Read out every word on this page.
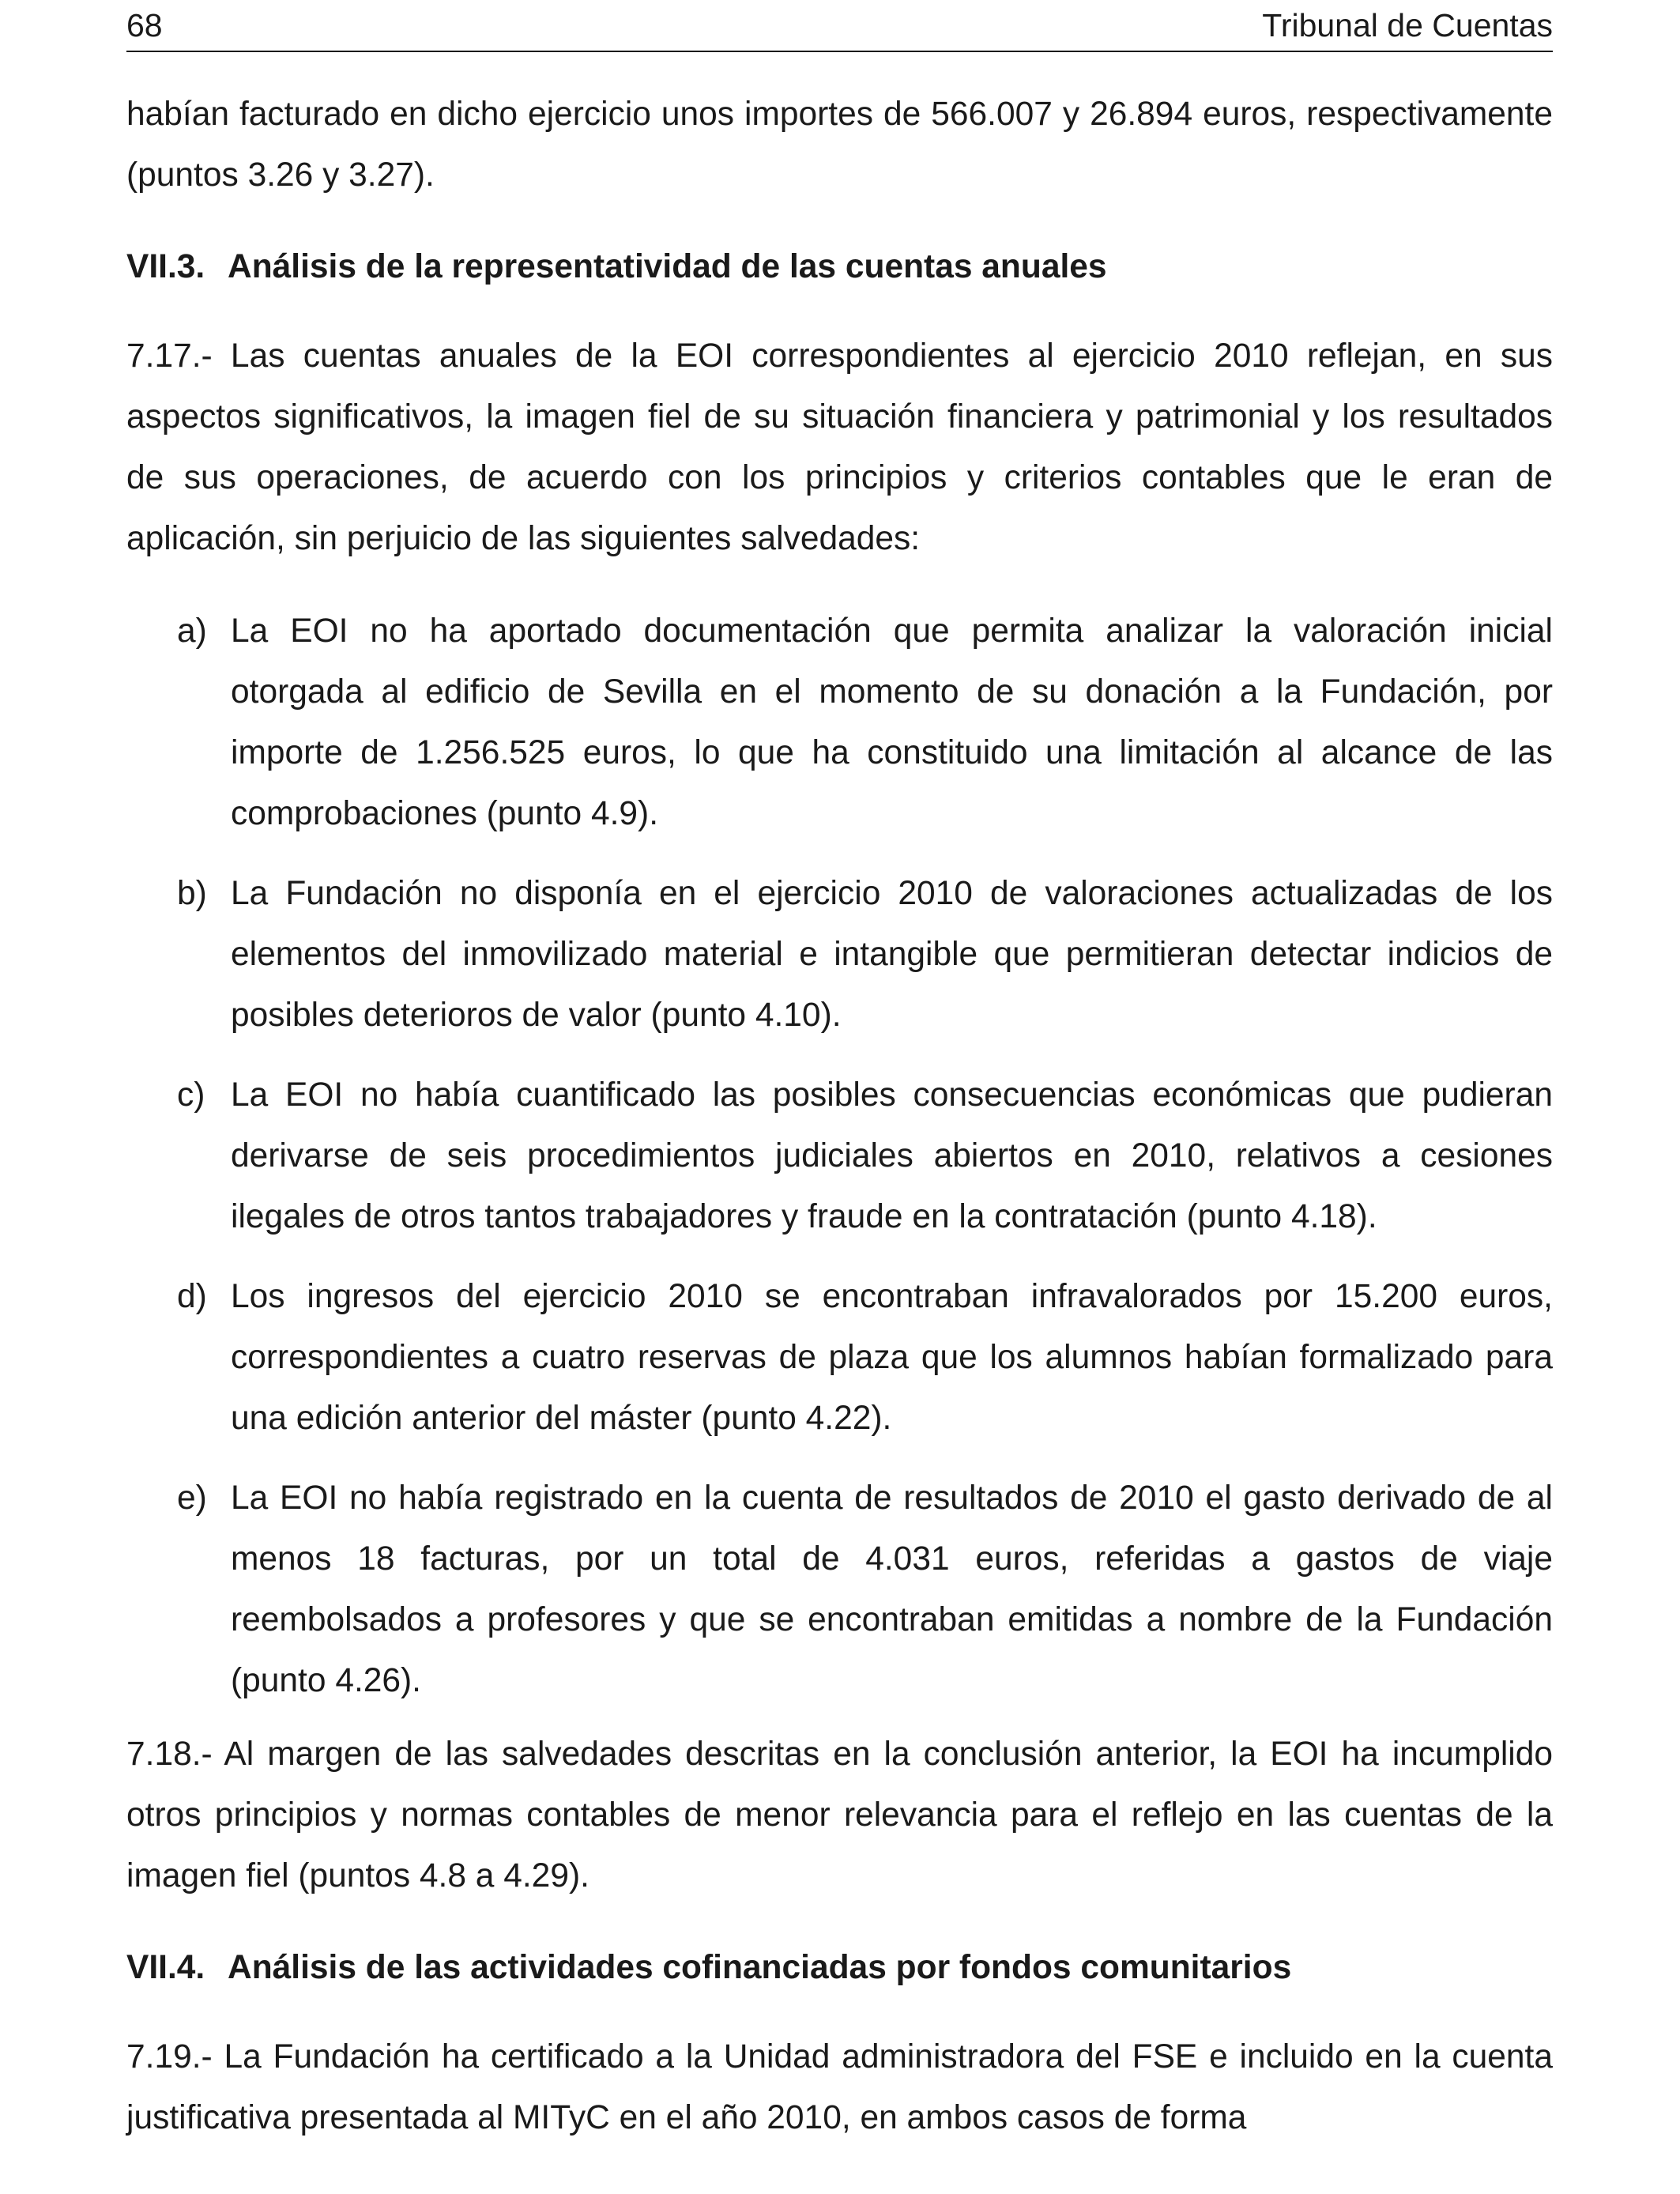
68	Tribunal de Cuentas

habían facturado en dicho ejercicio unos importes de 566.007 y 26.894 euros, respectivamente (puntos 3.26 y 3.27).

VII.3. Análisis de la representatividad de las cuentas anuales

7.17.- Las cuentas anuales de la EOI correspondientes al ejercicio 2010 reflejan, en sus aspectos significativos, la imagen fiel de su situación financiera y patrimonial y los resultados de sus operaciones, de acuerdo con los principios y criterios contables que le eran de aplicación, sin perjuicio de las siguientes salvedades:

a) La EOI no ha aportado documentación que permita analizar la valoración inicial otorgada al edificio de Sevilla en el momento de su donación a la Fundación, por importe de 1.256.525 euros, lo que ha constituido una limitación al alcance de las comprobaciones (punto 4.9).
b) La Fundación no disponía en el ejercicio 2010 de valoraciones actualizadas de los elementos del inmovilizado material e intangible que permitieran detectar indicios de posibles deterioros de valor (punto 4.10).
c) La EOI no había cuantificado las posibles consecuencias económicas que pudieran derivarse de seis procedimientos judiciales abiertos en 2010, relativos a cesiones ilegales de otros tantos trabajadores y fraude en la contratación (punto 4.18).
d) Los ingresos del ejercicio 2010 se encontraban infravalorados por 15.200 euros, correspondientes a cuatro reservas de plaza que los alumnos habían formalizado para una edición anterior del máster (punto 4.22).
e) La EOI no había registrado en la cuenta de resultados de 2010 el gasto derivado de al menos 18 facturas, por un total de 4.031 euros, referidas a gastos de viaje reembolsados a profesores y que se encontraban emitidas a nombre de la Fundación (punto 4.26).

7.18.- Al margen de las salvedades descritas en la conclusión anterior, la EOI ha incumplido otros principios y normas contables de menor relevancia para el reflejo en las cuentas de la imagen fiel (puntos 4.8 a 4.29).

VII.4. Análisis de las actividades cofinanciadas por fondos comunitarios

7.19.- La Fundación ha certificado a la Unidad administradora del FSE e incluido en la cuenta justificativa presentada al MITyC en el año 2010, en ambos casos de forma
